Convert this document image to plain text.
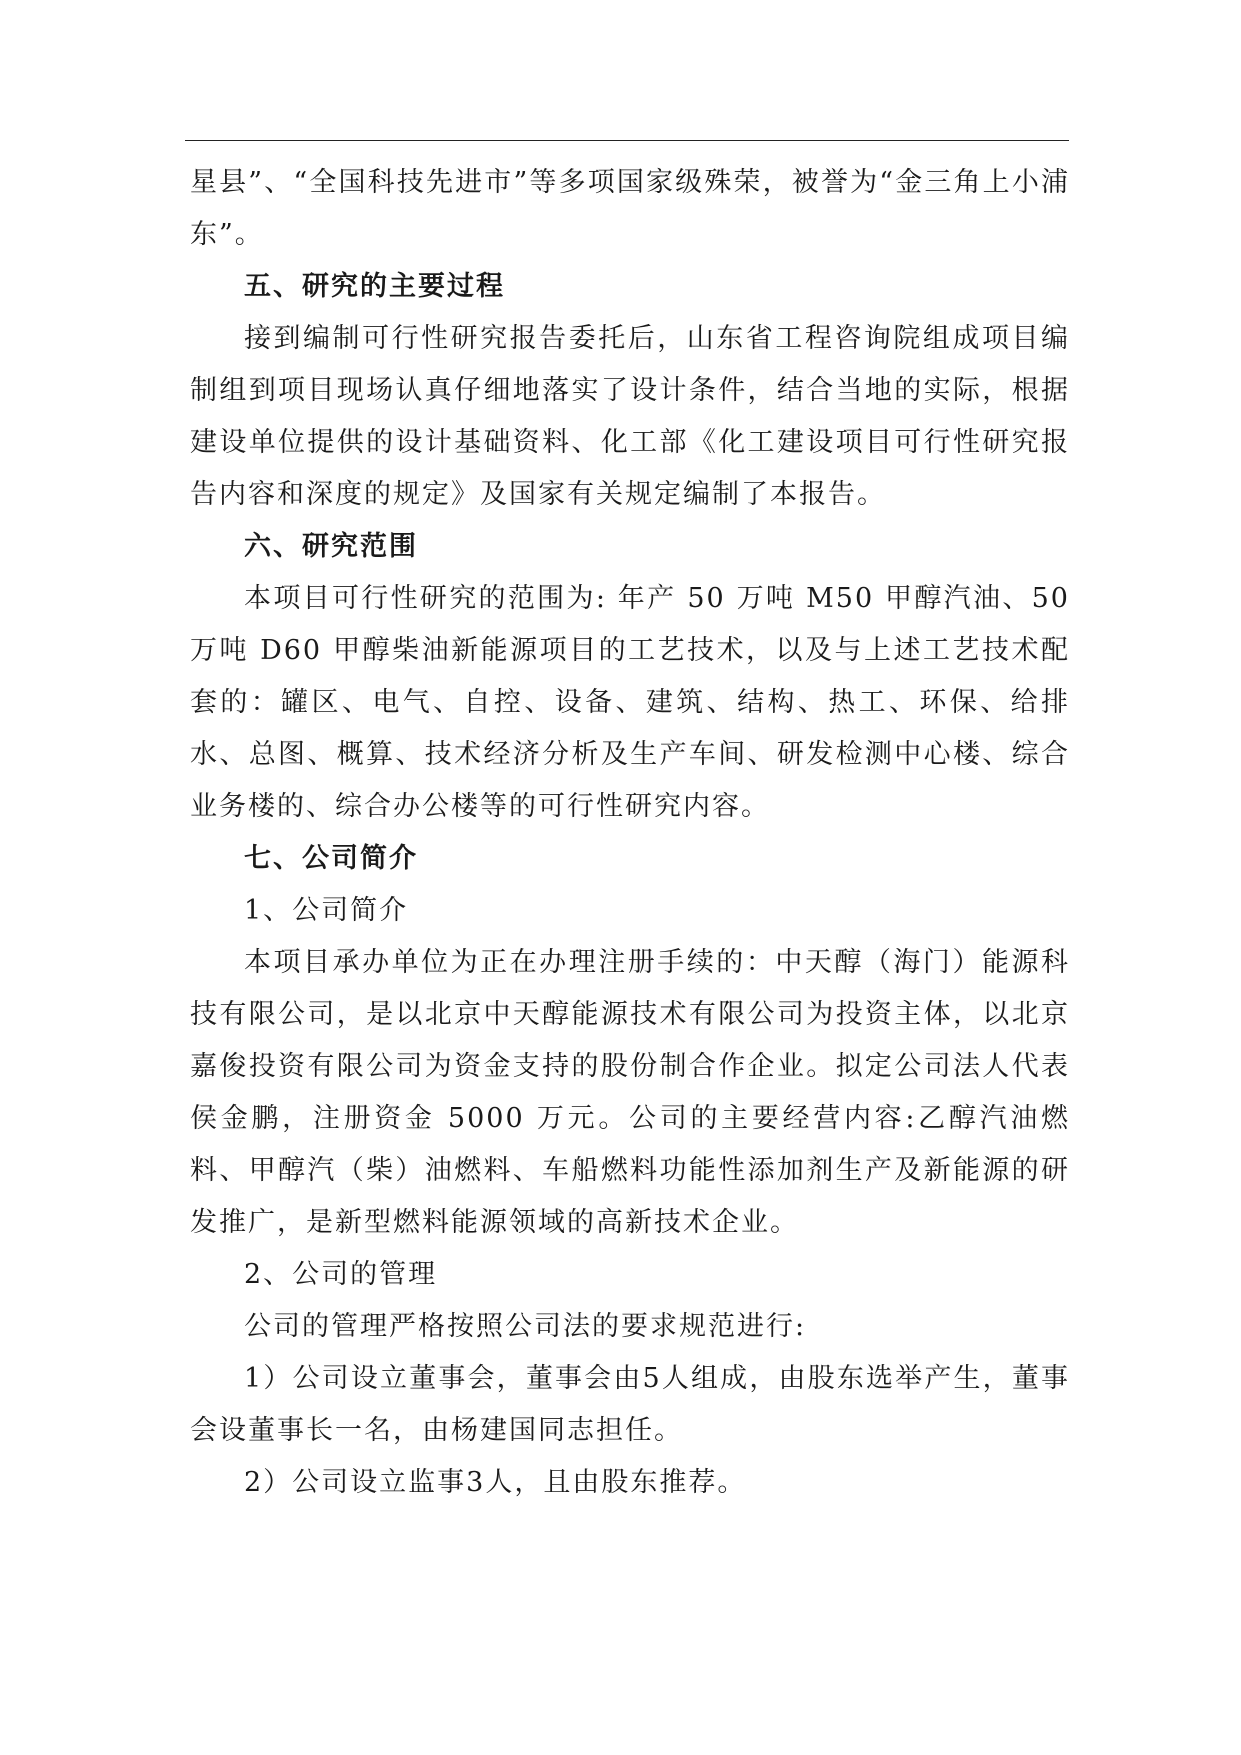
星县”、“全国科技先进市”等多项国家级殊荣，被誉为“金三角上小浦东”。

五、研究的主要过程

接到编制可行性研究报告委托后，山东省工程咨询院组成项目编制组到项目现场认真仔细地落实了设计条件，结合当地的实际，根据建设单位提供的设计基础资料、化工部《化工建设项目可行性研究报告内容和深度的规定》及国家有关规定编制了本报告。

六、研究范围

本项目可行性研究的范围为: 年产 50 万吨 M50 甲醇汽油、50 万吨 D60 甲醇柴油新能源项目的工艺技术，以及与上述工艺技术配套的：罐区、电气、自控、设备、建筑、结构、热工、环保、给排水、总图、概算、技术经济分析及生产车间、研发检测中心楼、综合业务楼的、综合办公楼等的可行性研究内容。

七、公司简介

1、公司简介

本项目承办单位为正在办理注册手续的：中天醇（海门）能源科技有限公司，是以北京中天醇能源技术有限公司为投资主体，以北京嘉俊投资有限公司为资金支持的股份制合作企业。拟定公司法人代表侯金鹏，注册资金 5000 万元。公司的主要经营内容:乙醇汽油燃料、甲醇汽（柴）油燃料、车船燃料功能性添加剂生产及新能源的研发推广，是新型燃料能源领域的高新技术企业。

2、公司的管理

公司的管理严格按照公司法的要求规范进行:

1）公司设立董事会，董事会由5人组成，由股东选举产生，董事会设董事长一名，由杨建国同志担任。

2）公司设立监事3人，且由股东推荐。
